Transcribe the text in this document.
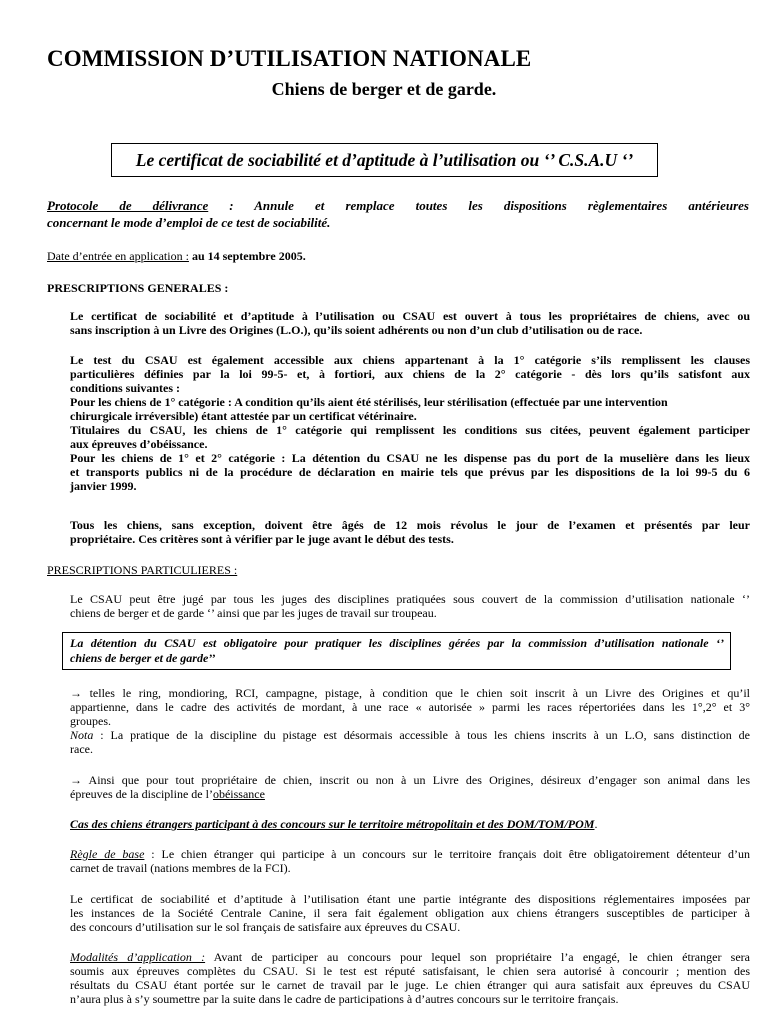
COMMISSION D’UTILISATION NATIONALE
Chiens de berger et de garde.
Le certificat de sociabilité et d’aptitude à l’utilisation ou ‘’ C.S.A.U ‘’
Protocole de délivrance : Annule et remplace toutes les dispositions règlementaires antérieures
concernant le mode d’emploi de ce test de sociabilité.
Date d’entrée en application : au 14 septembre 2005.
PRESCRIPTIONS GENERALES :
Le certificat de sociabilité et d’aptitude à l’utilisation ou CSAU est ouvert à tous les propriétaires de chiens, avec ou
sans inscription à un Livre des Origines (L.O.), qu’ils soient adhérents ou non d’un club d’utilisation ou de race.
Le test du CSAU est également accessible aux chiens appartenant à la 1° catégorie s’ils remplissent les clauses
particulières définies par la loi 99-5- et, à fortiori, aux chiens de la 2° catégorie - dès lors qu’ils satisfont aux
conditions suivantes :
Pour les chiens de 1° catégorie : A condition qu’ils aient été stérilisés, leur stérilisation (effectuée par une intervention
chirurgicale irréversible) étant attestée par un certificat vétérinaire.
Titulaires du CSAU, les chiens de 1° catégorie qui remplissent les conditions sus citées, peuvent également participer
aux épreuves d’obéissance.
Pour les chiens de 1° et 2° catégorie : La détention du CSAU ne les dispense pas du port de la muselière dans les lieux
et transports publics ni de la procédure de déclaration en mairie tels que prévus par les dispositions de la loi 99-5 du 6
janvier 1999.
Tous les chiens, sans exception, doivent être âgés de 12 mois révolus le jour de l’examen et présentés par leur
propriétaire. Ces critères sont à vérifier par le juge avant le début des tests.
PRESCRIPTIONS PARTICULIERES :
Le CSAU peut être jugé par tous les juges des disciplines pratiquées sous couvert de la commission d’utilisation nationale ‘’
chiens de berger et de garde ‘’ ainsi que par les juges de travail sur troupeau.
La détention du CSAU est obligatoire pour pratiquer les disciplines gérées par la commission d’utilisation nationale ‘’
chiens de berger et de garde’’
→ telles le ring, mondioring, RCI, campagne, pistage, à condition que le chien soit inscrit à un Livre des Origines et qu’il
appartienne, dans le cadre des activités de mordant, à une race « autorisée » parmi les races répertoriées dans les 1°,2° et 3°
groupes.
Nota : La pratique de la discipline du pistage est désormais accessible à tous les chiens inscrits à un L.O, sans distinction de
race.
→ Ainsi que pour tout propriétaire de chien, inscrit ou non à un Livre des Origines, désireux d’engager son animal dans les
épreuves de la discipline de l’obéissance
Cas des chiens étrangers participant à des concours sur le territoire métropolitain et des DOM/TOM/POM.
Règle de base : Le chien étranger qui participe à un concours sur le territoire français doit être obligatoirement détenteur d’un
carnet de travail (nations membres de la FCI).
Le certificat de sociabilité et d’aptitude à l’utilisation étant une partie intégrante des dispositions réglementaires imposées par
les instances de la Société Centrale Canine, il sera fait également obligation aux chiens étrangers susceptibles de participer à
des concours d’utilisation sur le sol français de satisfaire aux épreuves du CSAU.
Modalités d’application : Avant de participer au concours pour lequel son propriétaire l’a engagé, le chien étranger sera
soumis aux épreuves complètes du CSAU. Si le test est réputé satisfaisant, le chien sera autorisé à concourir ; mention des
résultats du CSAU étant portée sur le carnet de travail par le juge. Le chien étranger qui aura satisfait aux épreuves du CSAU
n’aura plus à s’y soumettre par la suite dans le cadre de participations à d’autres concours sur le territoire français.
